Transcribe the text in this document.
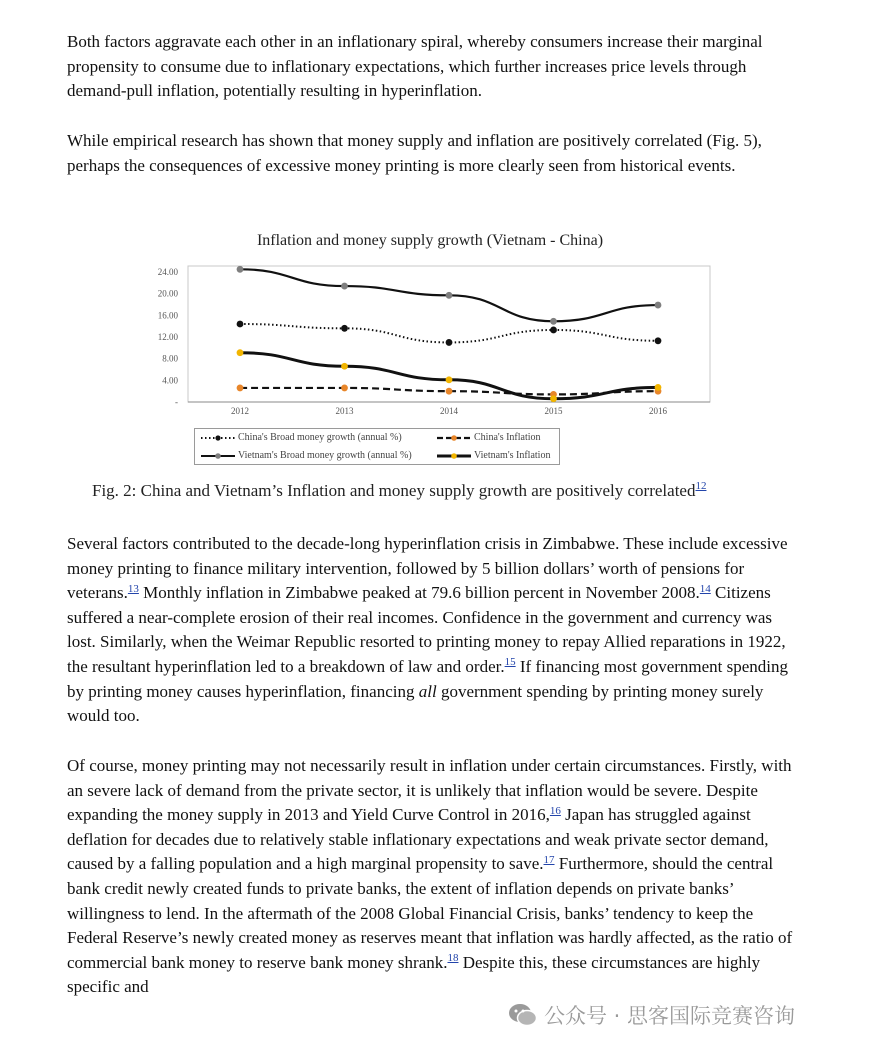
Both factors aggravate each other in an inflationary spiral, whereby consumers increase their marginal propensity to consume due to inflationary expectations, which further increases price levels through demand-pull inflation, potentially resulting in hyperinflation.

While empirical research has shown that money supply and inflation are positively correlated (Fig. 5), perhaps the consequences of excessive money printing is more clearly seen from historical events.

Inflation and money supply growth (Vietnam - China)
24.00
20.00
16.00
12.00
8.00
4.00
-
2012	2013	2014	2015	2016
China's Broad money growth (annual %)	China's Inflation
Vietnam's Broad money growth (annual %)	Vietnam's Inflation
Fig. 2: China and Vietnam’s Inflation and money supply growth are positively correlated$^{12}$

Several factors contributed to the decade-long hyperinflation crisis in Zimbabwe. These include excessive money printing to finance military intervention, followed by 5 billion dollars’ worth of pensions for veterans.$^{13}$ Monthly inflation in Zimbabwe peaked at 79.6 billion percent in November 2008.14 Citizens suffered a near-complete erosion of their real incomes. Confidence in the government and currency was lost. Similarly, when the Weimar Republic resorted to printing money to repay Allied reparations in 1922, the resultant hyperinflation led to a breakdown of law and order.$^{15}$ If financing most government spending by printing money causes hyperinflation, financing all government spending by printing money surely would too.

Of course, money printing may not necessarily result in inflation under certain circumstances. Firstly, with an severe lack of demand from the private sector, it is unlikely that inflation would be severe. Despite expanding the money supply in 2013 and Yield Curve Control in 2016,16 Japan has struggled against deflation for decades due to relatively stable inflationary expectations and weak private sector demand, caused by a falling population and a high marginal propensity to save.$^{17}$ Furthermore, should the central bank credit newly created funds to private banks, the extent of inflation depends on private banks’ willingness to lend. In the aftermath of the 2008 Global Financial Crisis, banks’ tendency to keep the Federal Reserve’s newly created money as reserves meant that inflation was hardly affected, as the ratio of commercial bank money to reserve bank money shrank.$^{18}$ Despite this, these circumstances are highly specific and

公众号 · 思客国际竞赛咨询
